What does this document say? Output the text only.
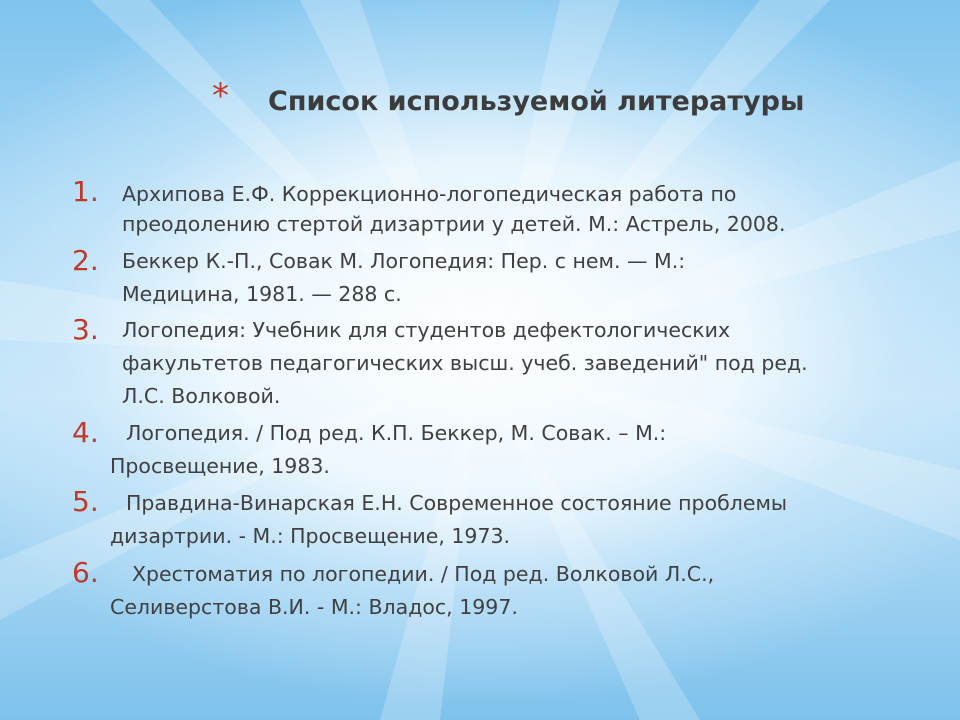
* Список используемой литературы
1. Архипова Е.Ф. Коррекционно-логопедическая работа по
преодолению стертой дизартрии у детей. М.: Астрель, 2008.
2. Беккер К.-П., Совак М. Логопедия: Пер. с нем. — М.:
Медицина, 1981. — 288 с.
3. Логопедия: Учебник для студентов дефектологических
факультетов педагогических высш. учеб. заведений" под ред.
Л.С. Волковой.
4. Логопедия. / Под ред. К.П. Беккер, М. Совак. – М.:
Просвещение, 1983.
5. Правдина-Винарская Е.Н. Современное состояние проблемы
дизартрии. - М.: Просвещение, 1973.
6. Хрестоматия по логопедии. / Под ред. Волковой Л.С.,
Селиверстова В.И. - М.: Владос, 1997.
